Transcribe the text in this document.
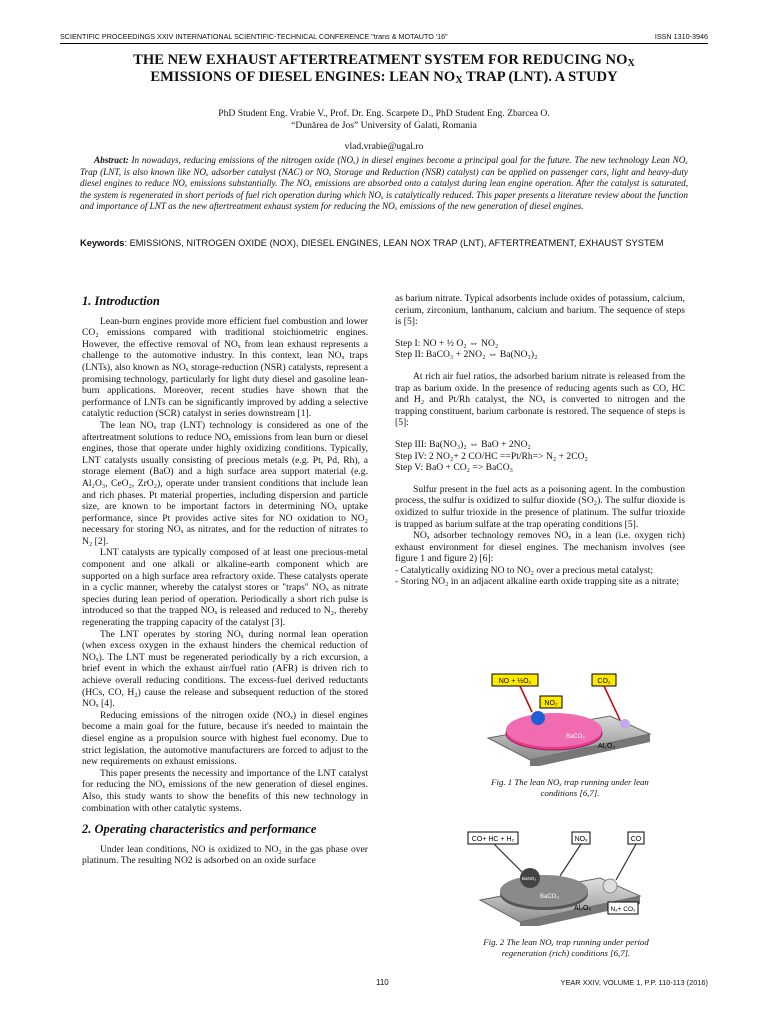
SCIENTIFIC PROCEEDINGS XXIV INTERNATIONAL SCIENTIFIC-TECHNICAL CONFERENCE "trans & MOTAUTO '16"	ISSN 1310-3946
THE NEW EXHAUST AFTERTREATMENT SYSTEM FOR REDUCING $NO_X$
EMISSIONS OF DIESEL ENGINES: LEAN $NO_X$ TRAP (LNT). A STUDY
PhD Student Eng. Vrabie V., Prof. Dr. Eng. Scarpete D., PhD Student Eng. Zbarcea O.
“Dunărea de Jos” University of Galati, Romania
vlad.vrabie@ugal.ro
Abstract: In nowadays, reducing emissions of the nitrogen oxide (NOₓ) in diesel engines become a principal goal for the future. The new technology Lean NOₓ Trap (LNT, is also known like NOₓ adsorber catalyst (NAC) or NOₓ Storage and Reduction (NSR) catalyst) can be applied on passenger cars, light and heavy-duty diesel engines to reduce NOₓ emissions substantially. The NOₓ emissions are absorbed onto a catalyst during lean engine operation. After the catalyst is saturated, the system is regenerated in short periods of fuel rich operation during which NOₓ is catalytically reduced. This paper presents a literature review about the function and importance of LNT as the new aftertreatment exhaust system for reducing the NOₓ emissions of the new generation of diesel engines.
Keywords: EMISSIONS, NITROGEN OXIDE (NOX), DIESEL ENGINES, LEAN NOX TRAP (LNT), AFTERTREATMENT, EXHAUST SYSTEM
1. Introduction

Lean-burn engines provide more efficient fuel combustion and lower CO₂ emissions compared with traditional stoichiometric engines. However, the effective removal of NOₓ from lean exhaust represents a challenge to the automotive industry. In this context, lean NOₓ traps (LNTs), also known as NOₓ storage-reduction (NSR) catalysts, represent a promising technology, particularly for light duty diesel and gasoline lean-burn applications. Moreover, recent studies have shown that the performance of LNTs can be significantly improved by adding a selective catalytic reduction (SCR) catalyst in series downstream [1].

The lean NOₓ trap (LNT) technology is considered as one of the aftertreatment solutions to reduce NOₓ emissions from lean burn or diesel engines, those that operate under highly oxidizing conditions. Typically, LNT catalysts usually consisting of precious metals (e.g. Pt, Pd, Rh), a storage element (BaO) and a high surface area support material (e.g. Al₂O₃, CeO₂, ZrO₂), operate under transient conditions that include lean and rich phases. Pt material properties, including dispersion and particle size, are known to be important factors in determining NOₓ uptake performance, since Pt provides active sites for NO oxidation to NO₂ necessary for storing NOₓ as nitrates, and for the reduction of nitrates to N₂ [2].

LNT catalysts are typically composed of at least one precious-metal component and one alkali or alkaline-earth component which are supported on a high surface area refractory oxide. These catalysts operate in a cyclic manner, whereby the catalyst stores or "traps" NOₓ as nitrate species during lean period of operation. Periodically a short rich pulse is introduced so that the trapped NOₓ is released and reduced to N₂, thereby regenerating the trapping capacity of the catalyst [3].

The LNT operates by storing NOₓ during normal lean operation (when excess oxygen in the exhaust hinders the chemical reduction of NOₓ). The LNT must be regenerated periodically by a rich excursion, a brief event in which the exhaust air/fuel ratio (AFR) is driven rich to achieve overall reducing conditions. The excess-fuel derived reductants (HCs, CO, H₂) cause the release and subsequent reduction of the stored NOₓ [4].

Reducing emissions of the nitrogen oxide (NOₓ) in diesel engines become a main goal for the future, because it's needed to maintain the diesel engine as a propulsion source with highest fuel economy. Due to strict legislation, the automotive manufacturers are forced to adjust to the new requirements on exhaust emissions.

This paper presents the necessity and importance of the LNT catalyst for reducing the NOₓ emissions of the new generation of diesel engines. Also, this study wants to show the benefits of this new technology in combination with other catalytic systems.

2. Operating characteristics and performance

Under lean conditions, NO is oxidized to NO₂ in the gas phase over platinum. The resulting NO2 is adsorbed on an oxide surface

as barium nitrate. Typical adsorbents include oxides of potassium, calcium, cerium, zirconium, lanthanum, calcium and barium. The sequence of steps is [5]:

Step I: NO + ½ O₂ ⇔ NO₂

Step II: BaCO₃ + 2NO₂ ⇔ Ba(NO₃)₂

At rich air fuel ratios, the adsorbed barium nitrate is released from the trap as barium oxide. In the presence of reducing agents such as CO, HC and H₂ and Pt/Rh catalyst, the NOₓ is converted to nitrogen and the trapping constituent, barium carbonate is restored. The sequence of steps is [5]:

Step III: Ba(NO₃)₂ ⇔ BaO + 2NO₂

Step IV: 2 NO₂+ 2 CO/HC ==Pt/Rh=> N₂ + 2CO₂

Step V: BaO + CO₂ => BaCO₃

Sulfur present in the fuel acts as a poisoning agent. In the combustion process, the sulfur is oxidized to sulfur dioxide (SO₂). The sulfur dioxide is oxidized to sulfur trioxide in the presence of platinum. The sulfur trioxide is trapped as barium sulfate at the trap operating conditions [5].

NOₓ adsorber technology removes NOₓ in a lean (i.e. oxygen rich) exhaust environment for diesel engines. The mechanism involves (see figure 1 and figure 2) [6]:

- Catalytically oxidizing NO to NO₂ over a precious metal catalyst;

- Storing NO₂ in an adjacent alkaline earth oxide trapping site as a nitrate;

NO + ½O₂	CO₂
NO₂
BaCO₃
Al₂O₃
Fig. 1 The lean NOₓ trap running under lean conditions [6,7].
CO+ HC + H₂	NOₓ	CO
N₂+ CO₂
BaCO₃
BaNO₃
Al₂O₃
Fig. 2 The lean NOₓ trap running under period regeneration (rich) conditions [6,7].
110	YEAR XXIV, VOLUME 1, P.P. 110-113 (2016)
